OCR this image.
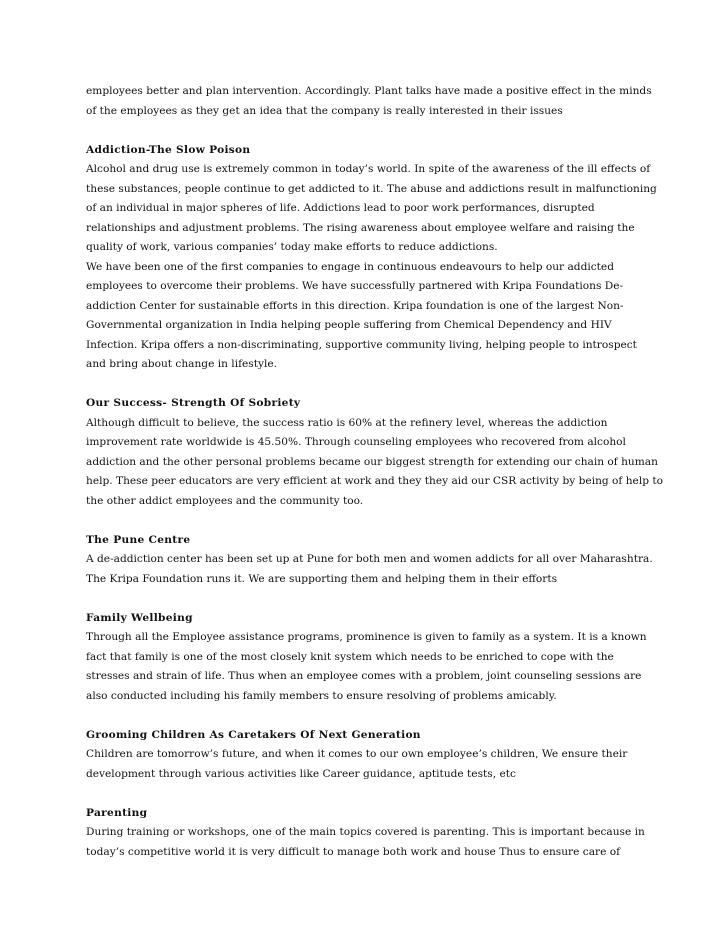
employees better and plan intervention. Accordingly. Plant talks have made a positive effect in the minds
of the employees as they get an idea that the company is really interested in their issues
Addiction-The Slow Poison
Alcohol and drug use is extremely common in today’s world. In spite of the awareness of the ill effects of
these substances, people continue to get addicted to it. The abuse and addictions result in malfunctioning
of an individual in major spheres of life. Addictions lead to poor work performances, disrupted
relationships and adjustment problems. The rising awareness about employee welfare and raising the
quality of work, various companies’ today make efforts to reduce addictions.
We have been one of the first companies to engage in continuous endeavours to help our addicted
employees to overcome their problems. We have successfully partnered with Kripa Foundations De-
addiction Center for sustainable efforts in this direction. Kripa foundation is one of the largest Non-
Governmental organization in India helping people suffering from Chemical Dependency and HIV
Infection. Kripa offers a non-discriminating, supportive community living, helping people to introspect
and bring about change in lifestyle.
Our Success- Strength Of Sobriety
Although difficult to believe, the success ratio is 60% at the refinery level, whereas the addiction
improvement rate worldwide is 45.50%. Through counseling employees who recovered from alcohol
addiction and the other personal problems became our biggest strength for extending our chain of human
help. These peer educators are very efficient at work and they they aid our CSR activity by being of help to
the other addict employees and the community too.
The Pune Centre
A de-addiction center has been set up at Pune for both men and women addicts for all over Maharashtra.
The Kripa Foundation runs it. We are supporting them and helping them in their efforts
Family Wellbeing
Through all the Employee assistance programs, prominence is given to family as a system. It is a known
fact that family is one of the most closely knit system which needs to be enriched to cope with the
stresses and strain of life. Thus when an employee comes with a problem, joint counseling sessions are
also conducted including his family members to ensure resolving of problems amicably.
Grooming Children As Caretakers Of Next Generation
Children are tomorrow’s future, and when it comes to our own employee’s children, We ensure their
development through various activities like Career guidance, aptitude tests, etc
Parenting
During training or workshops, one of the main topics covered is parenting. This is important because in
today’s competitive world it is very difficult to manage both work and house Thus to ensure care of
